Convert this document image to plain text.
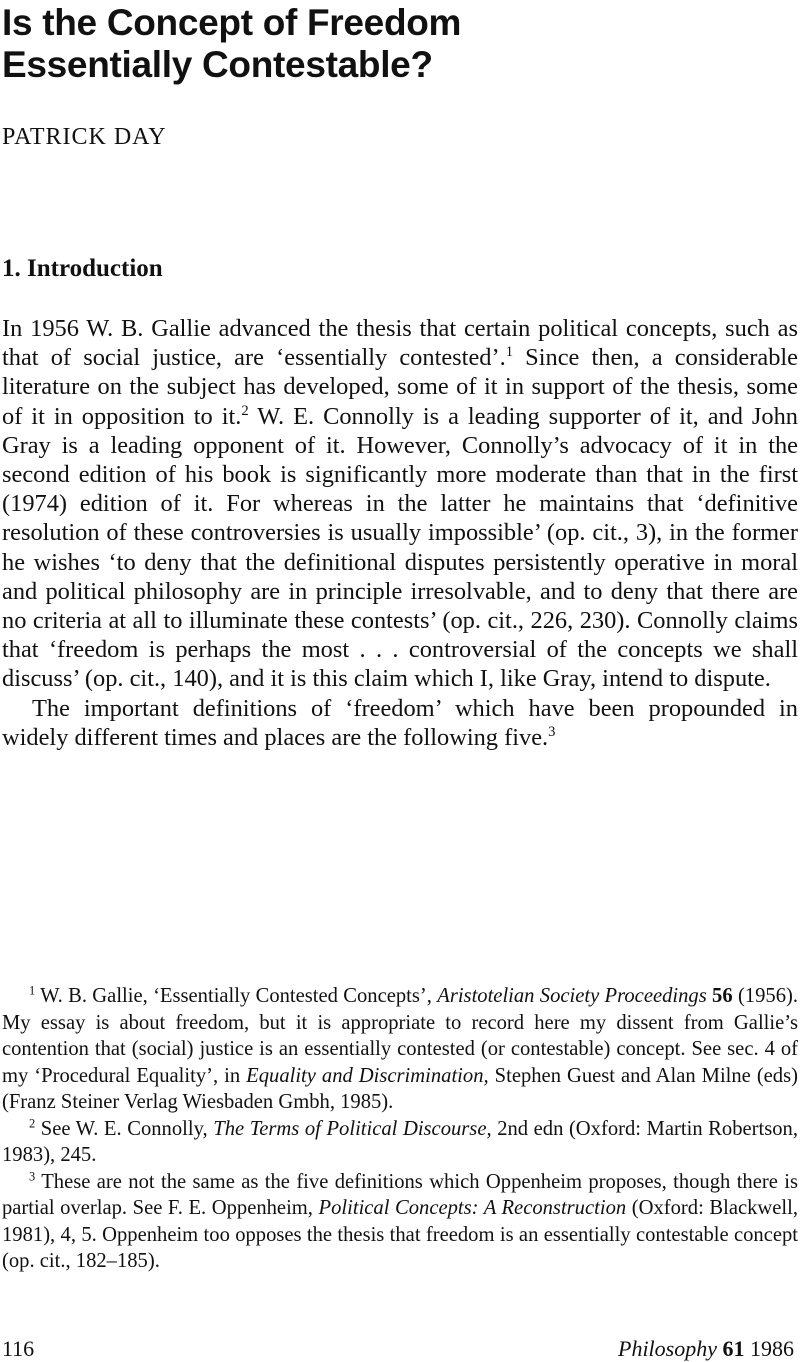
Is the Concept of Freedom
Essentially Contestable?

PATRICK DAY

1. Introduction

In 1956 W. B. Gallie advanced the thesis that certain political concepts, such as that of social justice, are ‘essentially contested’.$^1$ Since then, a considerable literature on the subject has developed, some of it in support of the thesis, some of it in opposition to it.$^2$ W. E. Connolly is a leading supporter of it, and John Gray is a leading opponent of it. However, Connolly’s advocacy of it in the second edition of his book is significantly more moderate than that in the first (1974) edition of it. For whereas in the latter he maintains that ‘definitive resolution of these controversies is usually impossible’ (op. cit., 3), in the former he wishes ‘to deny that the definitional disputes persistently operative in moral and political philosophy are in principle irresolvable, and to deny that there are no criteria at all to illuminate these contests’ (op. cit., 226, 230). Connolly claims that ‘freedom is perhaps the most . . . controversial of the concepts we shall discuss’ (op. cit., 140), and it is this claim which I, like Gray, intend to dispute.

The important definitions of ‘freedom’ which have been propounded in widely different times and places are the following five.$^3$

$^1$ W. B. Gallie, ‘Essentially Contested Concepts’, Aristotelian Society Proceedings 56 (1956). My essay is about freedom, but it is appropriate to record here my dissent from Gallie’s contention that (social) justice is an essentially contested (or contestable) concept. See sec. 4 of my ‘Procedural Equality’, in Equality and Discrimination, Stephen Guest and Alan Milne (eds) (Franz Steiner Verlag Wiesbaden Gmbh, 1985).

$^2$ See W. E. Connolly, The Terms of Political Discourse, 2nd edn (Oxford: Martin Robertson, 1983), 245.

$^3$ These are not the same as the five definitions which Oppenheim proposes, though there is partial overlap. See F. E. Oppenheim, Political Concepts: A Reconstruction (Oxford: Blackwell, 1981), 4, 5. Oppenheim too opposes the thesis that freedom is an essentially contestable concept (op. cit., 182–185).

116	Philosophy 61 1986
